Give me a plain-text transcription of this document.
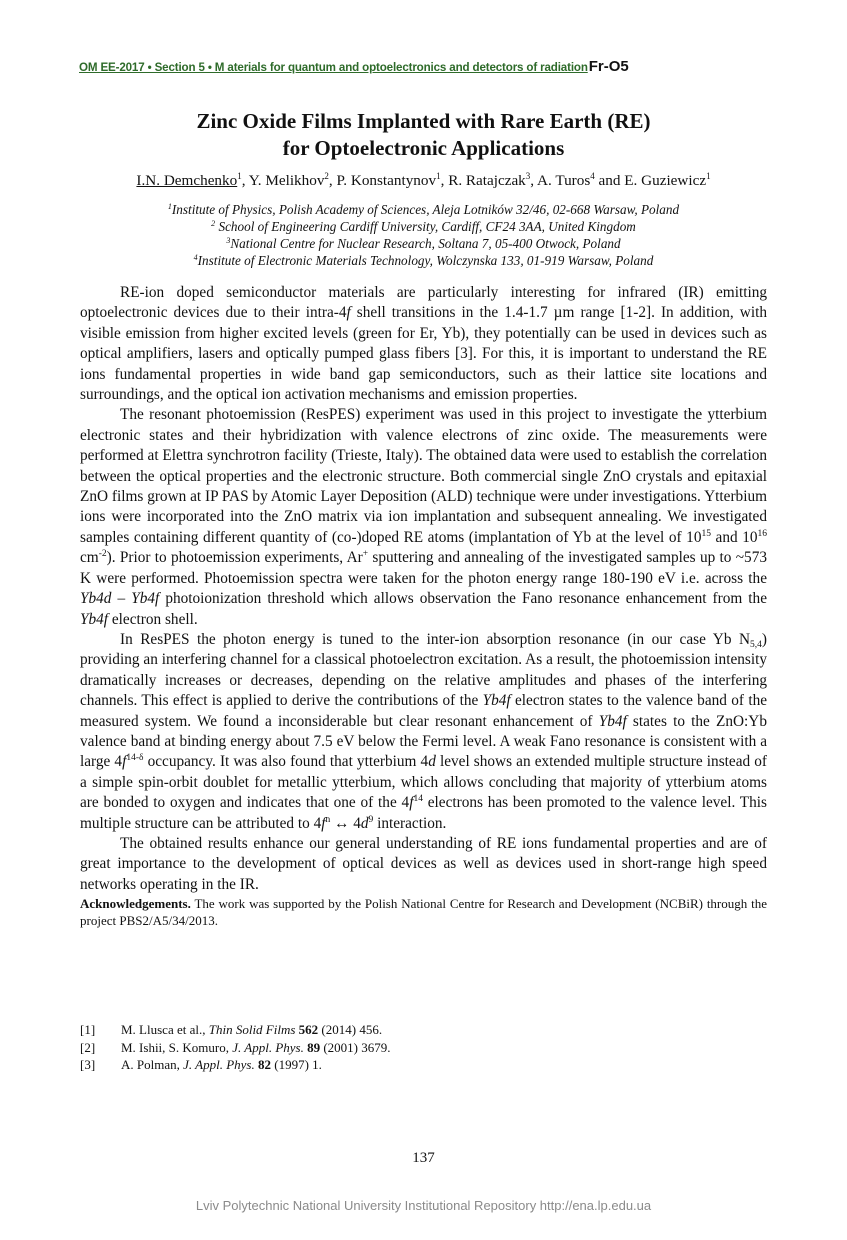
OM EE-2017 • Section 5 • M aterials for quantum and optoelectronics and detectors of radiationFr-O5
Zinc Oxide Films Implanted with Rare Earth (RE)
for Optoelectronic Applications
I.N. Demchenko$^1$, Y. Melikhov$^2$, P. Konstantynov$^1$, R. Ratajczak$^3$, A. Turos$^4$ and E. Guziewicz$^1$
$^1$Institute of Physics, Polish Academy of Sciences, Aleja Lotników 32/46, 02-668 Warsaw, Poland
$^2$ School of Engineering Cardiff University, Cardiff, CF24 3AA, United Kingdom
$^3$National Centre for Nuclear Research, Soltana 7, 05-400 Otwock, Poland
$^4$Institute of Electronic Materials Technology, Wolczynska 133, 01-919 Warsaw, Poland

RE-ion doped semiconductor materials are particularly interesting for infrared (IR) emitting optoelectronic devices due to their intra-4f shell transitions in the 1.4-1.7 µm range [1-2]. In addition, with visible emission from higher excited levels (green for Er, Yb), they potentially can be used in devices such as optical amplifiers, lasers and optically pumped glass fibers [3]. For this, it is important to understand the RE ions fundamental properties in wide band gap semiconductors, such as their lattice site locations and surroundings, and the optical ion activation mechanisms and emission properties.

The resonant photoemission (ResPES) experiment was used in this project to investigate the ytterbium electronic states and their hybridization with valence electrons of zinc oxide. The measurements were performed at Elettra synchrotron facility (Trieste, Italy). The obtained data were used to establish the correlation between the optical properties and the electronic structure. Both commercial single ZnO crystals and epitaxial ZnO films grown at IP PAS by Atomic Layer Deposition (ALD) technique were under investigations. Ytterbium ions were incorporated into the ZnO matrix via ion implantation and subsequent annealing. We investigated samples containing different quantity of (co-)doped RE atoms (implantation of Yb at the level of $10^{15}$ and $10^{16}$ $cm^{-2}$). Prior to photoemission experiments, Ar+ sputtering and annealing of the investigated samples up to ~573 K were performed. Photoemission spectra were taken for the photon energy range 180-190 eV i.e. across the Yb4d – Yb4f photoionization threshold which allows observation the Fano resonance enhancement from the Yb4f electron shell.

In ResPES the photon energy is tuned to the inter-ion absorption resonance (in our case Yb $N_{5,4}$) providing an interfering channel for a classical photoelectron excitation. As a result, the photoemission intensity dramatically increases or decreases, depending on the relative amplitudes and phases of the interfering channels. This effect is applied to derive the contributions of the Yb4f electron states to the valence band of the measured system. We found a inconsiderable but clear resonant enhancement of Yb4f states to the ZnO:Yb valence band at binding energy about 7.5 eV below the Fermi level. A weak Fano resonance is consistent with a large $4f^{14-\delta}$ occupancy. It was also found that ytterbium 4d level shows an extended multiple structure instead of a simple spin-orbit doublet for metallic ytterbium, which allows concluding that majority of ytterbium atoms are bonded to oxygen and indicates that one of the $4f^{14}$ electrons has been promoted to the valence level. This multiple structure can be attributed to $4f^n$ ↔ $4d^9$ interaction.

The obtained results enhance our general understanding of RE ions fundamental properties and are of great importance to the development of optical devices as well as devices used in short-range high speed networks operating in the IR.

Acknowledgements. The work was supported by the Polish National Centre for Research and Development (NCBiR) through the project PBS2/A5/34/2013.

[1]	M. Llusca et al., Thin Solid Films 562 (2014) 456.
[2]	M. Ishii, S. Komuro, J. Appl. Phys. 89 (2001) 3679.
[3]	A. Polman, J. Appl. Phys. 82 (1997) 1.
137
Lviv Polytechnic National University Institutional Repository http://ena.lp.edu.ua
